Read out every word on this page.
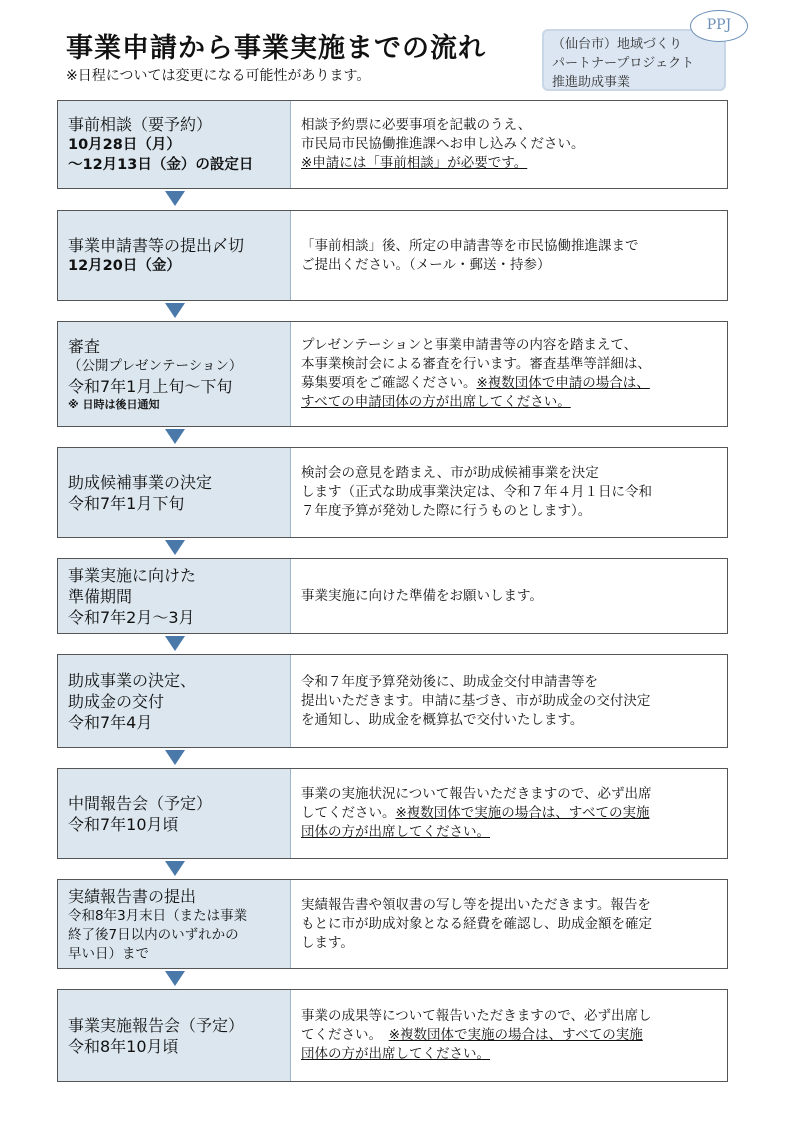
事業申請から事業実施までの流れ
※日程については変更になる可能性があります。
（仙台市）地域づくり
パートナープロジェクト
推進助成事業
PPJ
事前相談（要予約）
10月28日（月）
～12月13日（金）の設定日
相談予約票に必要事項を記載のうえ、
市民局市民協働推進課へお申し込みください。
※申請には「事前相談」が必要です。
事業申請書等の提出〆切
12月20日（金）
「事前相談」後、所定の申請書等を市民協働推進課まで
ご提出ください。（メール・郵送・持参）
審査
（公開プレゼンテーション）
令和7年1月上旬～下旬
※ 日時は後日通知
プレゼンテーションと事業申請書等の内容を踏まえて、
本事業検討会による審査を行います。審査基準等詳細は、
募集要項をご確認ください。※複数団体で申請の場合は、
すべての申請団体の方が出席してください。
助成候補事業の決定
令和7年1月下旬
検討会の意見を踏まえ、市が助成候補事業を決定
します（正式な助成事業決定は、令和７年４月１日に令和
７年度予算が発効した際に行うものとします）。
事業実施に向けた
準備期間
令和7年2月～3月
事業実施に向けた準備をお願いします。
助成事業の決定、
助成金の交付
令和7年4月
令和７年度予算発効後に、助成金交付申請書等を
提出いただきます。申請に基づき、市が助成金の交付決定
を通知し、助成金を概算払で交付いたします。
中間報告会（予定）
令和7年10月頃
事業の実施状況について報告いただきますので、必ず出席
してください。※複数団体で実施の場合は、すべての実施
団体の方が出席してください。
実績報告書の提出
令和8年3月末日（または事業
終了後7日以内のいずれかの
早い日）まで
実績報告書や領収書の写し等を提出いただきます。報告を
もとに市が助成対象となる経費を確認し、助成金額を確定
します。
事業実施報告会（予定）
令和8年10月頃
事業の成果等について報告いただきますので、必ず出席し
てください。　 ※複数団体で実施の場合は、すべての実施
団体の方が出席してください。
